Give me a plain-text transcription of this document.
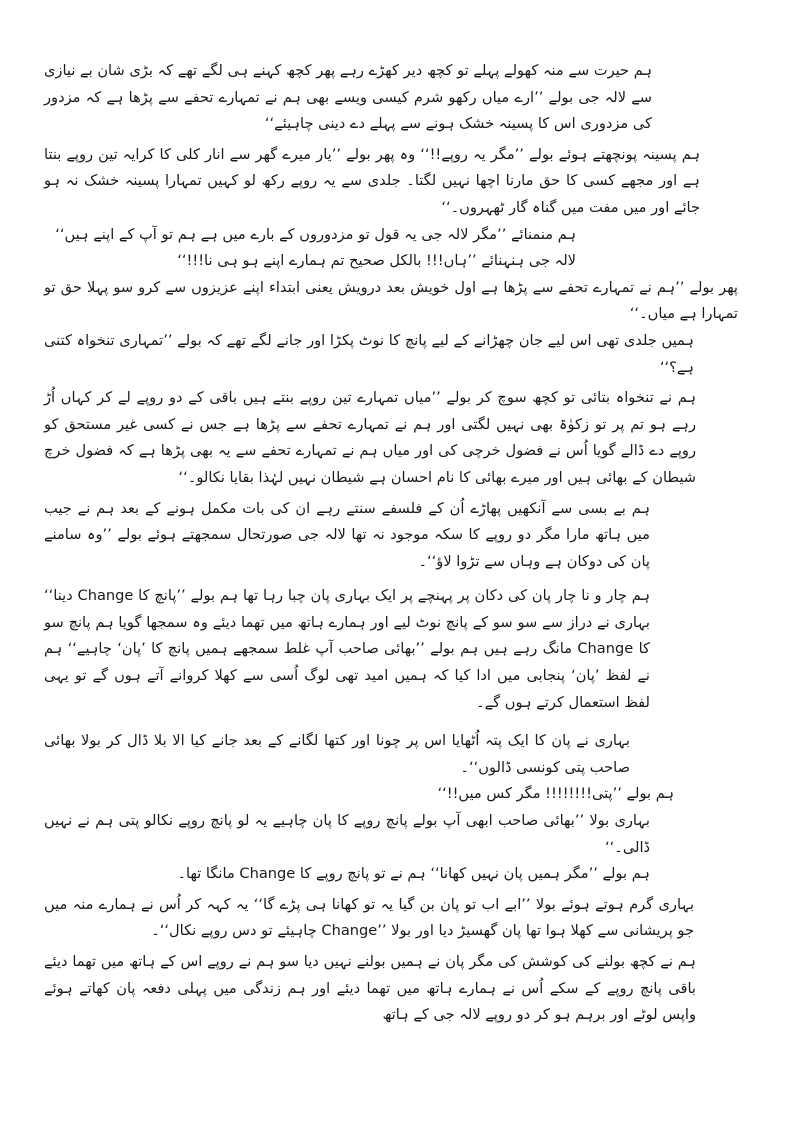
ہم حیرت سے منہ کھولے پہلے تو کچھ دیر کھڑے رہے پھر کچھ کہنے ہی لگے تھے کہ بڑی شان بے نیازی سے لالہ جی بولے ’’ارے میاں رکھو شرم کیسی ویسے بھی ہم نے تمہارے تحفے سے پڑھا ہے کہ مزدور کی مزدوری اس کا پسینہ خشک ہونے سے پہلے دے دینی چاہیئے‘‘

ہم پسینہ پونچھتے ہوئے بولے ’’مگر یہ روپے!!‘‘ وہ پھر بولے ’’یار میرے گھر سے انار کلی کا کرایہ تین روپے بنتا ہے اور مجھے کسی کا حق مارنا اچھا نہیں لگتا۔ جلدی سے یہ روپے رکھ لو کہیں تمہارا پسینہ خشک نہ ہو جائے اور میں مفت میں گناہ گار ٹھہروں۔‘‘

ہم منمنائے ’’مگر لالہ جی یہ قول تو مزدوروں کے بارے میں ہے ہم تو آپ کے اپنے ہیں‘‘

لالہ جی ہنہنائے ’’ہاں!!! بالکل صحیح تم ہمارے اپنے ہو ہی نا!!!‘‘

پھر بولے ’’ہم نے تمہارے تحفے سے پڑھا ہے اول خویش بعد درویش یعنی ابتداء اپنے عزیزوں سے کرو سو پہلا حق تو تمہارا ہے میاں۔‘‘

ہمیں جلدی تھی اس لیے جان چھڑانے کے لیے پانچ کا نوٹ پکڑا اور جانے لگے تھے کہ بولے ’’تمہاری تنخواہ کتنی ہے؟‘‘

ہم نے تنخواہ بتائی تو کچھ سوچ کر بولے ’’میاں تمہارے تین روپے بنتے ہیں باقی کے دو روپے لے کر کہاں اُڑ رہے ہو تم پر تو زکوٰۃ بھی نہیں لگتی اور ہم نے تمہارے تحفے سے پڑھا ہے جس نے کسی غیر مستحق کو روپے دے ڈالے گویا اُس نے فضول خرچی کی اور میاں ہم نے تمہارے تحفے سے یہ بھی پڑھا ہے کہ فضول خرچ شیطان کے بھائی ہیں اور میرے بھائی کا نام احسان ہے شیطان نہیں لہٰذا بقایا نکالو۔‘‘

ہم بے بسی سے آنکھیں پھاڑے اُن کے فلسفے سنتے رہے ان کی بات مکمل ہونے کے بعد ہم نے جیب میں ہاتھ مارا مگر دو روپے کا سکہ موجود نہ تھا لالہ جی صورتحال سمجھتے ہوئے بولے ’’وہ سامنے پان کی دوکان ہے وہاں سے تڑوا لاؤ‘‘۔

ہم چار و نا چار پان کی دکان پر پہنچے پر ایک بہاری پان چبا رہا تھا ہم بولے ’’پانچ کا Change دینا‘‘ بہاری نے دراز سے سو سو کے پانچ نوٹ لیے اور ہمارے ہاتھ میں تھما دیئے وہ سمجھا گویا ہم پانچ سو کا Change مانگ رہے ہیں ہم بولے ’’بھائی صاحب آپ غلط سمجھے ہمیں پانچ کا ’پان‘ چاہیے‘‘ ہم نے لفظ ’پان‘ پنجابی میں ادا کیا کہ ہمیں امید تھی لوگ اُسی سے کھلا کروانے آتے ہوں گے تو یہی لفظ استعمال کرتے ہوں گے۔

بہاری نے پان کا ایک پتہ اُٹھایا اس پر چونا اور کتھا لگانے کے بعد جانے کیا الا بلا ڈال کر بولا بھائی صاحب پتی کونسی ڈالوں‘‘۔

ہم بولے ’’پتی!!!!!!!! مگر کس میں!!‘‘

بہاری بولا ’’بھائی صاحب ابھی آپ بولے پانچ روپے کا پان چاہیے یہ لو پانچ روپے نکالو پتی ہم نے نہیں ڈالی۔‘‘

ہم بولے ’’مگر ہمیں پان نہیں کھانا‘‘ ہم نے تو پانچ روپے کا Change مانگا تھا۔

بہاری گرم ہوتے ہوئے بولا ’’ابے اب تو پان بن گیا یہ تو کھانا ہی پڑے گا‘‘ یہ کہہ کر اُس نے ہمارے منہ میں جو پریشانی سے کھلا ہوا تھا پان گھسیڑ دیا اور بولا ’’Change چاہیئے تو دس روپے نکال‘‘۔

ہم نے کچھ بولنے کی کوشش کی مگر پان نے ہمیں بولنے نہیں دیا سو ہم نے روپے اس کے ہاتھ میں تھما دیئے باقی پانچ روپے کے سکے اُس نے ہمارے ہاتھ میں تھما دیئے اور ہم زندگی میں پہلی دفعہ پان کھاتے ہوئے واپس لوٹے اور برہم ہو کر دو روپے لالہ جی کے ہاتھ
